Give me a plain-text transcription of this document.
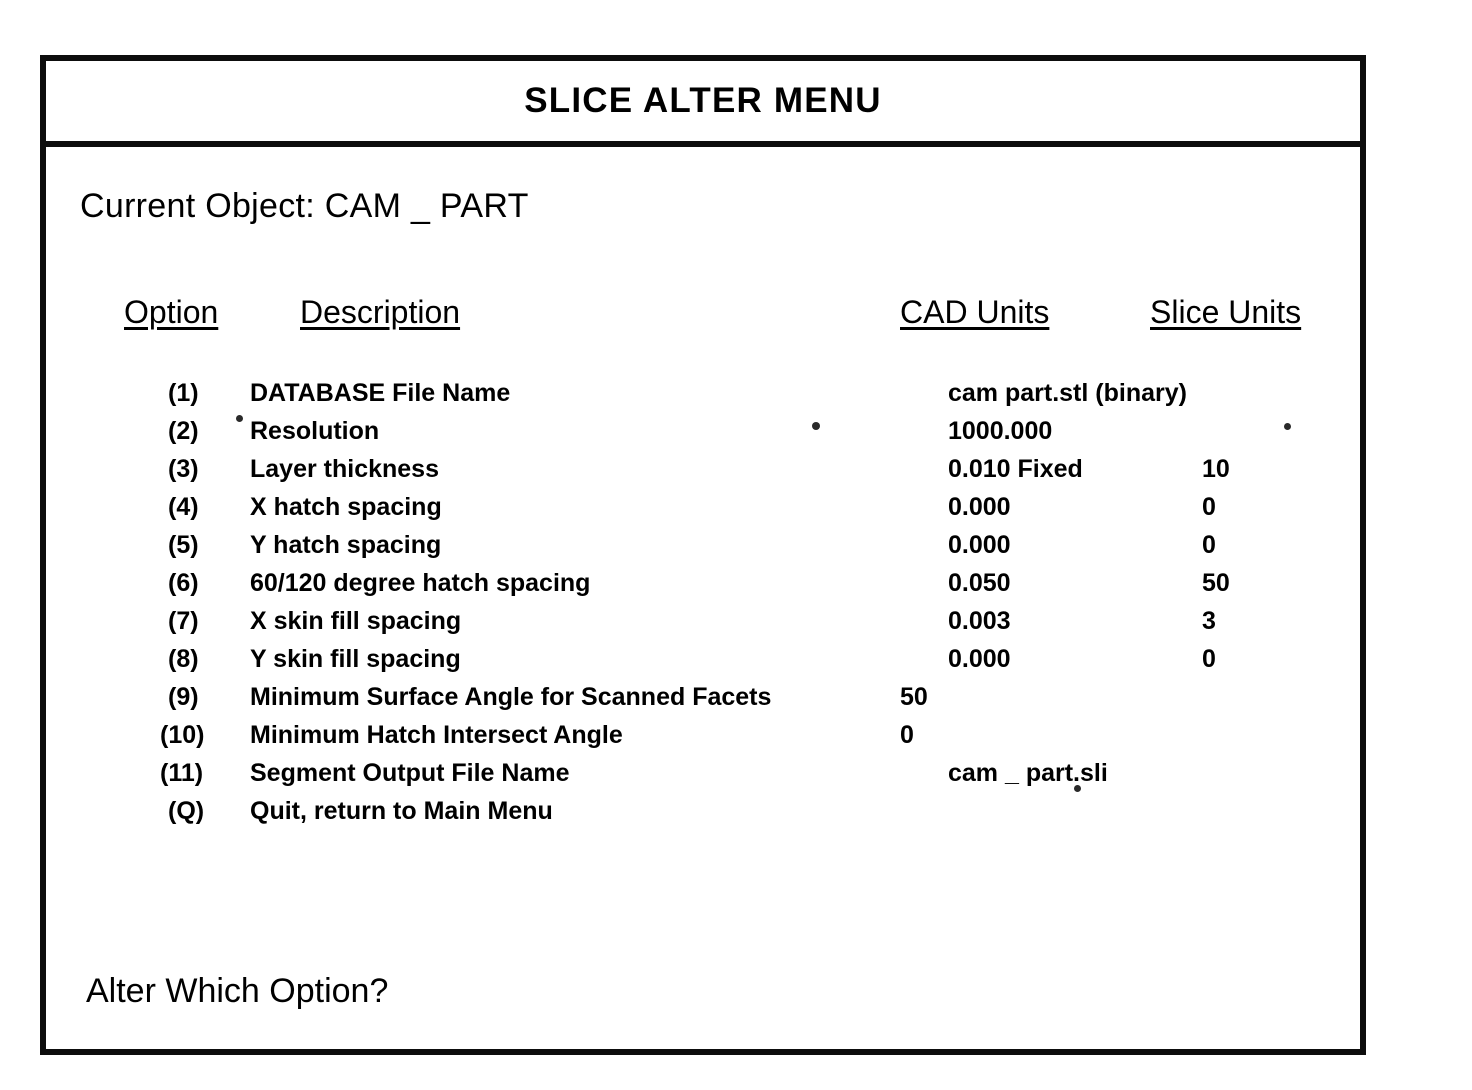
SLICE ALTER MENU
Current Object: CAM _ PART
Option	Description	CAD Units	Slice Units
(1)	DATABASE File Name	cam part.stl (binary)
(2)	Resolution	1000.000
(3)	Layer thickness	0.010 Fixed	10
(4)	X hatch spacing	0.000	0
(5)	Y hatch spacing	0.000	0
(6)	60/120 degree hatch spacing	0.050	50
(7)	X skin fill spacing	0.003	3
(8)	Y skin fill spacing	0.000	0
(9)	Minimum Surface Angle for Scanned Facets	50
(10)	Minimum Hatch Intersect Angle	0
(11)	Segment Output File Name	cam _ part.sli
(Q)	Quit, return to Main Menu
Alter Which Option?
